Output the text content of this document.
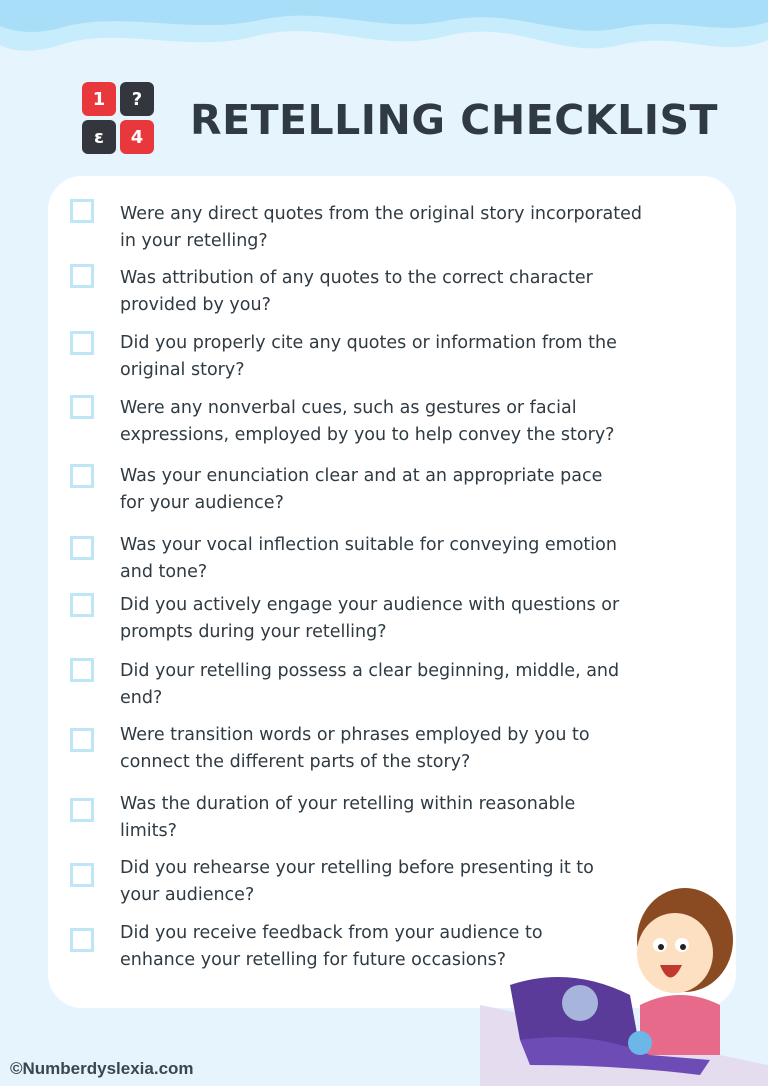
1	?
ε	4 RETELLING CHECKLIST
Were any direct quotes from the original story incorporated
in your retelling?
Was attribution of any quotes to the correct character
provided by you?
Did you properly cite any quotes or information from the
original story?
Were any nonverbal cues, such as gestures or facial
expressions, employed by you to help convey the story?
Was your enunciation clear and at an appropriate pace
for your audience?
Was your vocal inflection suitable for conveying emotion
and tone?
Did you actively engage your audience with questions or
prompts during your retelling?
Did your retelling possess a clear beginning, middle, and
end?
Were transition words or phrases employed by you to
connect the different parts of the story?
Was the duration of your retelling within reasonable
limits?
Did you rehearse your retelling before presenting it to
your audience?
Did you receive feedback from your audience to
enhance your retelling for future occasions?
©Numberdyslexia.com
